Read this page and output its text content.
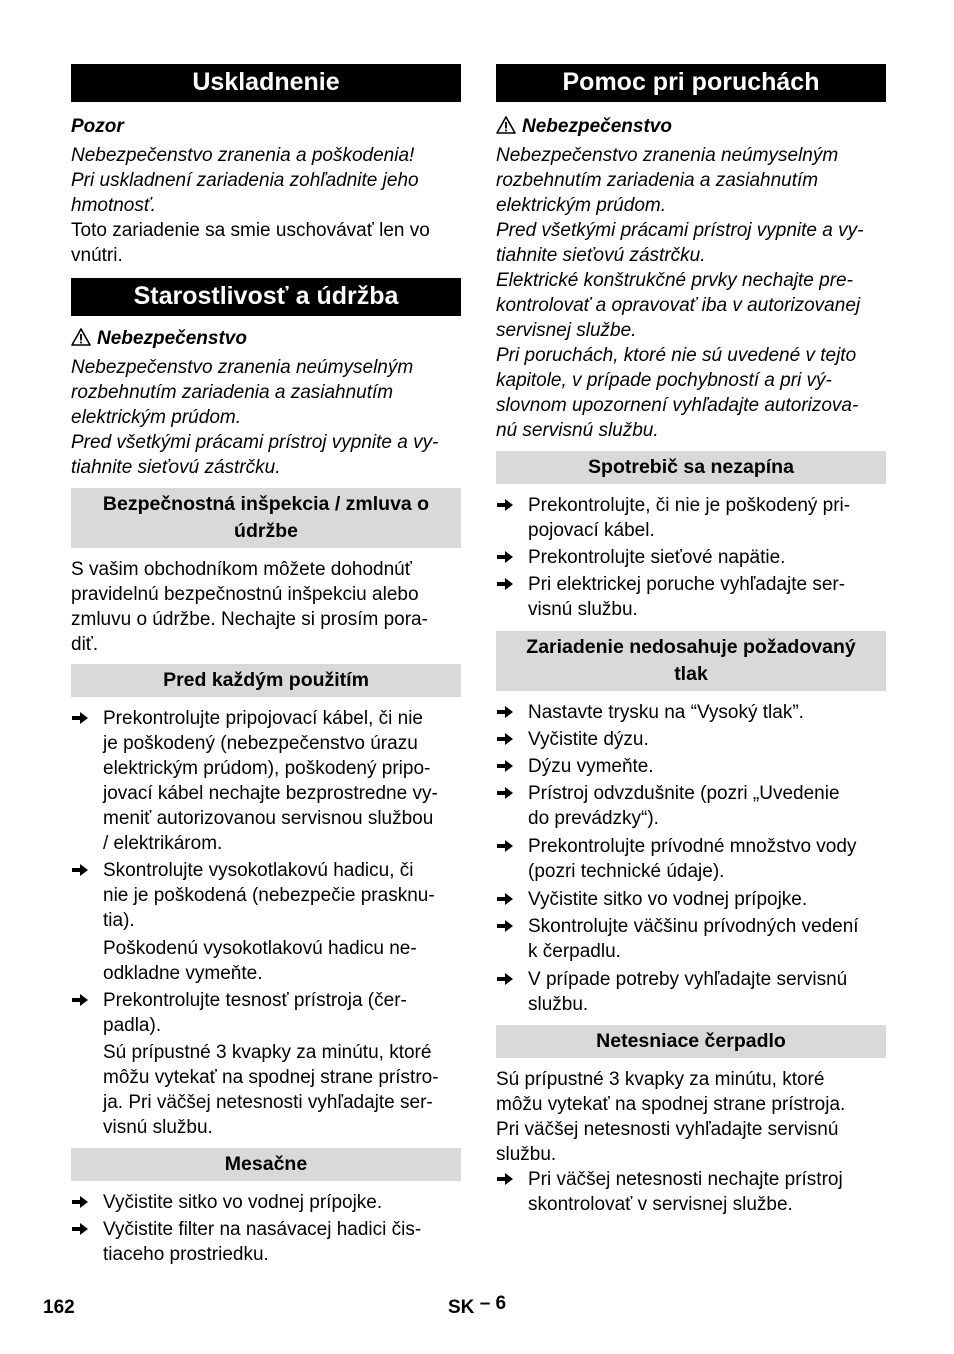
Uskladnenie

Pozor

Nebezpečenstvo zranenia a poškodenia!
Pri uskladnení zariadenia zohľadnite jeho
hmotnosť.

Toto zariadenie sa smie uschovávať len vo
vnútri.

Starostlivosť a údržba

Nebezpečenstvo

Nebezpečenstvo zranenia neúmyselným
rozbehnutím zariadenia a zasiahnutím
elektrickým prúdom.
Pred všetkými prácami prístroj vypnite a vy-
tiahnite sieťovú zástrčku.

Bezpečnostná inšpekcia / zmluva o
údržbe

S vašim obchodníkom môžete dohodnúť
pravidelnú bezpečnostnú inšpekciu alebo
zmluvu o údržbe. Nechajte si prosím pora-
diť.

Pred každým použitím
Prekontrolujte pripojovací kábel, či nie
je poškodený (nebezpečenstvo úrazu
elektrickým prúdom), poškodený pripo-
jovací kábel nechajte bezprostredne vy-
meniť autorizovanou servisnou službou
/ elektrikárom.
Skontrolujte vysokotlakovú hadicu, či
nie je poškodená (nebezpečie prasknu-
tia).
Poškodenú vysokotlakovú hadicu ne-
odkladne vymeňte.
Prekontrolujte tesnosť prístroja (čer-
padla).
Sú prípustné 3 kvapky za minútu, ktoré
môžu vytekať na spodnej strane prístro-
ja. Pri väčšej netesnosti vyhľadajte ser-
visnú službu.
Mesačne
Vyčistite sitko vo vodnej prípojke.
Vyčistite filter na nasávacej hadici čis-
tiaceho prostriedku.
Pomoc pri poruchách

Nebezpečenstvo

Nebezpečenstvo zranenia neúmyselným
rozbehnutím zariadenia a zasiahnutím
elektrickým prúdom.
Pred všetkými prácami prístroj vypnite a vy-
tiahnite sieťovú zástrčku.
Elektrické konštrukčné prvky nechajte pre-
kontrolovať a opravovať iba v autorizovanej
servisnej službe.
Pri poruchách, ktoré nie sú uvedené v tejto
kapitole, v prípade pochybností a pri vý-
slovnom upozornení vyhľadajte autorizova-
nú servisnú službu.

Spotrebič sa nezapína
Prekontrolujte, či nie je poškodený pri-
pojovací kábel.
Prekontrolujte sieťové napätie.
Pri elektrickej poruche vyhľadajte ser-
visnú službu.
Zariadenie nedosahuje požadovaný
tlak
Nastavte trysku na “Vysoký tlak”.
Vyčistite dýzu.
Dýzu vymeňte.
Prístroj odvzdušnite (pozri „Uvedenie
do prevádzky“).
Prekontrolujte prívodné množstvo vody
(pozri technické údaje).
Vyčistite sitko vo vodnej prípojke.
Skontrolujte väčšinu prívodných vedení
k čerpadlu.
V prípade potreby vyhľadajte servisnú
službu.
Netesniace čerpadlo

Sú prípustné 3 kvapky za minútu, ktoré
môžu vytekať na spodnej strane prístroja.
Pri väčšej netesnosti vyhľadajte servisnú
službu.

Pri väčšej netesnosti nechajte prístroj
skontrolovať v servisnej službe.
162	SK – 6
